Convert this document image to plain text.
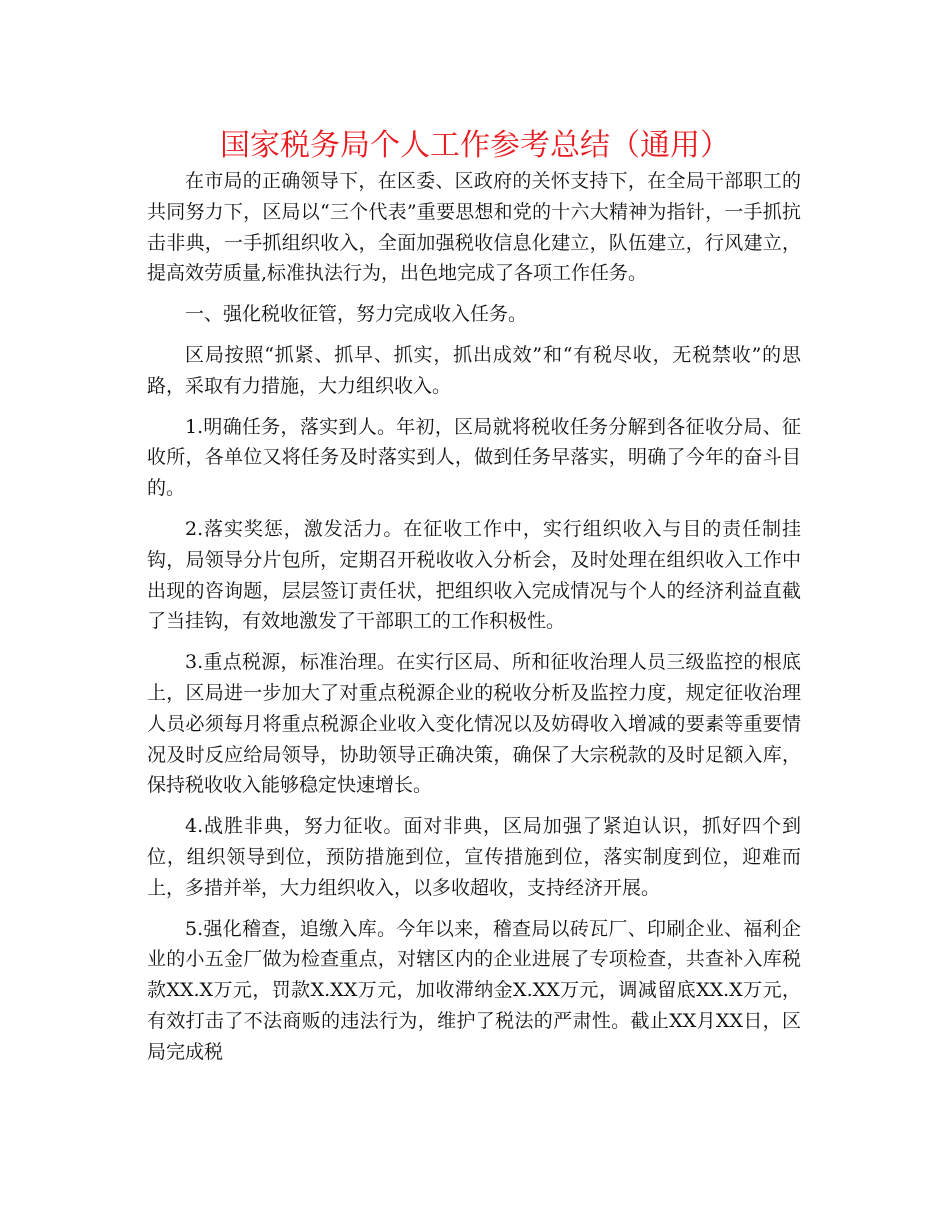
国家税务局个人工作参考总结（通用）

在市局的正确领导下，在区委、区政府的关怀支持下，在全局干部职工的共同努力下，区局以“三个代表”重要思想和党的十六大精神为指针，一手抓抗击非典，一手抓组织收入，全面加强税收信息化建立，队伍建立，行风建立，提高效劳质量,标准执法行为，出色地完成了各项工作任务。

一、强化税收征管，努力完成收入任务。

区局按照“抓紧、抓早、抓实，抓出成效”和“有税尽收，无税禁收”的思路，采取有力措施，大力组织收入。

1.明确任务，落实到人。年初，区局就将税收任务分解到各征收分局、征收所，各单位又将任务及时落实到人，做到任务早落实，明确了今年的奋斗目的。

2.落实奖惩，激发活力。在征收工作中，实行组织收入与目的责任制挂钩，局领导分片包所，定期召开税收收入分析会，及时处理在组织收入工作中出现的咨询题，层层签订责任状，把组织收入完成情况与个人的经济利益直截了当挂钩，有效地激发了干部职工的工作积极性。

3.重点税源，标准治理。在实行区局、所和征收治理人员三级监控的根底上，区局进一步加大了对重点税源企业的税收分析及监控力度，规定征收治理人员必须每月将重点税源企业收入变化情况以及妨碍收入增减的要素等重要情况及时反应给局领导，协助领导正确决策，确保了大宗税款的及时足额入库，保持税收收入能够稳定快速增长。

4.战胜非典，努力征收。面对非典，区局加强了紧迫认识，抓好四个到位，组织领导到位，预防措施到位，宣传措施到位，落实制度到位，迎难而上，多措并举，大力组织收入，以多收超收，支持经济开展。

5.强化稽查，追缴入库。今年以来，稽查局以砖瓦厂、印刷企业、福利企业的小五金厂做为检查重点，对辖区内的企业进展了专项检查，共查补入库税款XX.X万元，罚款X.XX万元，加收滞纳金X.XX万元，调减留底XX.X万元，有效打击了不法商贩的违法行为，维护了税法的严肃性。截止XX月XX日，区局完成税
